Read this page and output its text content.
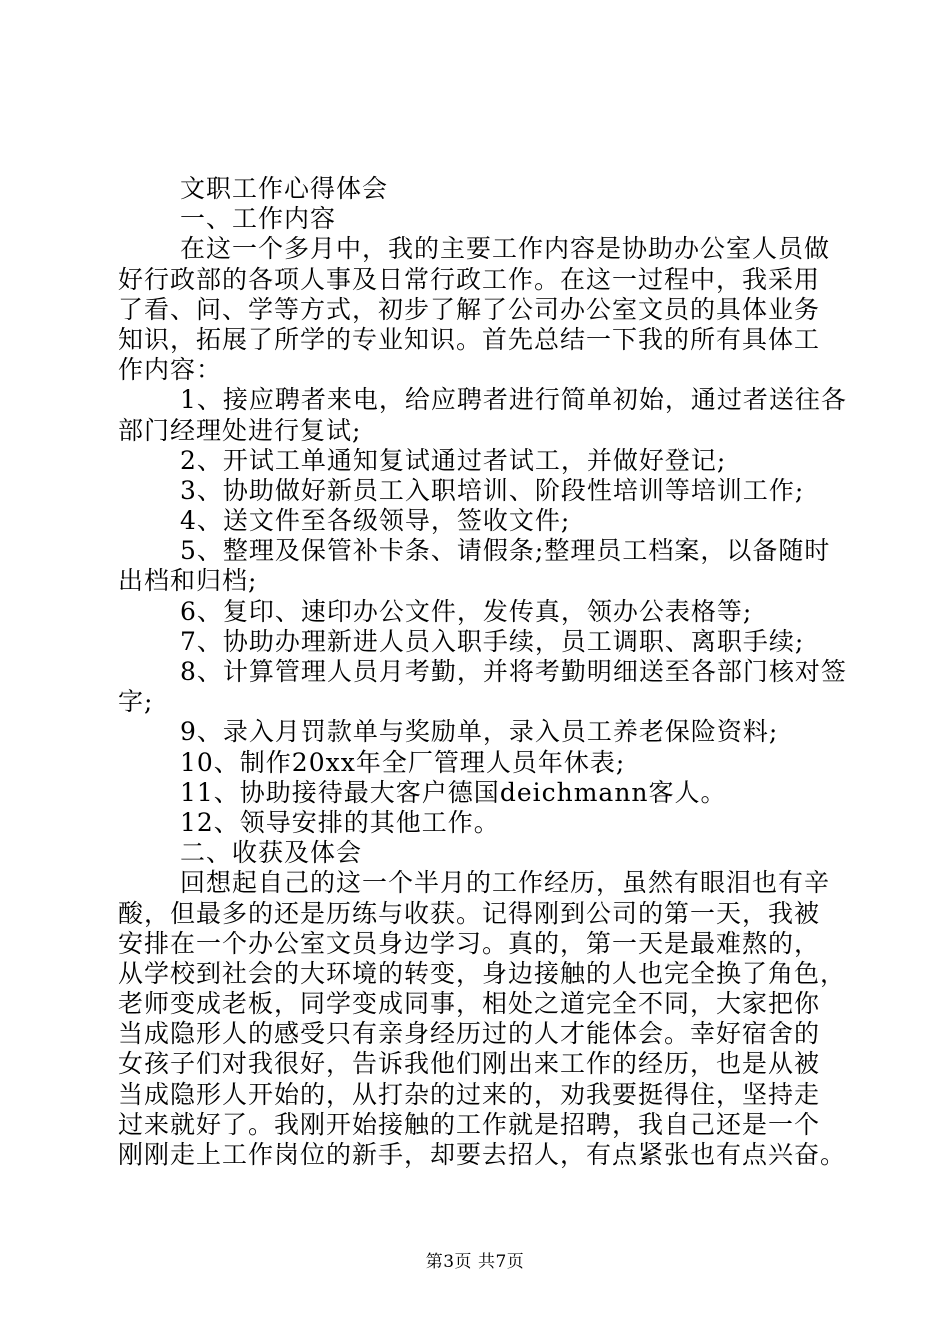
文职工作心得体会
一、工作内容
在这一个多月中，我的主要工作内容是协助办公室人员做
好行政部的各项人事及日常行政工作。在这一过程中，我采用
了看、问、学等方式，初步了解了公司办公室文员的具体业务
知识，拓展了所学的专业知识。首先总结一下我的所有具体工
作内容：
1、接应聘者来电，给应聘者进行简单初始，通过者送往各
部门经理处进行复试;
2、开试工单通知复试通过者试工，并做好登记;
3、协助做好新员工入职培训、阶段性培训等培训工作;
4、送文件至各级领导，签收文件;
5、整理及保管补卡条、请假条;整理员工档案，以备随时
出档和归档;
6、复印、速印办公文件，发传真，领办公表格等;
7、协助办理新进人员入职手续，员工调职、离职手续;
8、计算管理人员月考勤，并将考勤明细送至各部门核对签
字;
9、录入月罚款单与奖励单，录入员工养老保险资料;
10、制作20xx年全厂管理人员年休表;
11、协助接待最大客户德国deichmann客人。
12、领导安排的其他工作。
二、收获及体会
回想起自己的这一个半月的工作经历，虽然有眼泪也有辛
酸，但最多的还是历练与收获。记得刚到公司的第一天，我被
安排在一个办公室文员身边学习。真的，第一天是最难熬的，
从学校到社会的大环境的转变，身边接触的人也完全换了角色，
老师变成老板，同学变成同事，相处之道完全不同，大家把你
当成隐形人的感受只有亲身经历过的人才能体会。幸好宿舍的
女孩子们对我很好，告诉我他们刚出来工作的经历，也是从被
当成隐形人开始的，从打杂的过来的，劝我要挺得住，坚持走
过来就好了。我刚开始接触的工作就是招聘，我自己还是一个
刚刚走上工作岗位的新手，却要去招人，有点紧张也有点兴奋。
第3页 共7页
